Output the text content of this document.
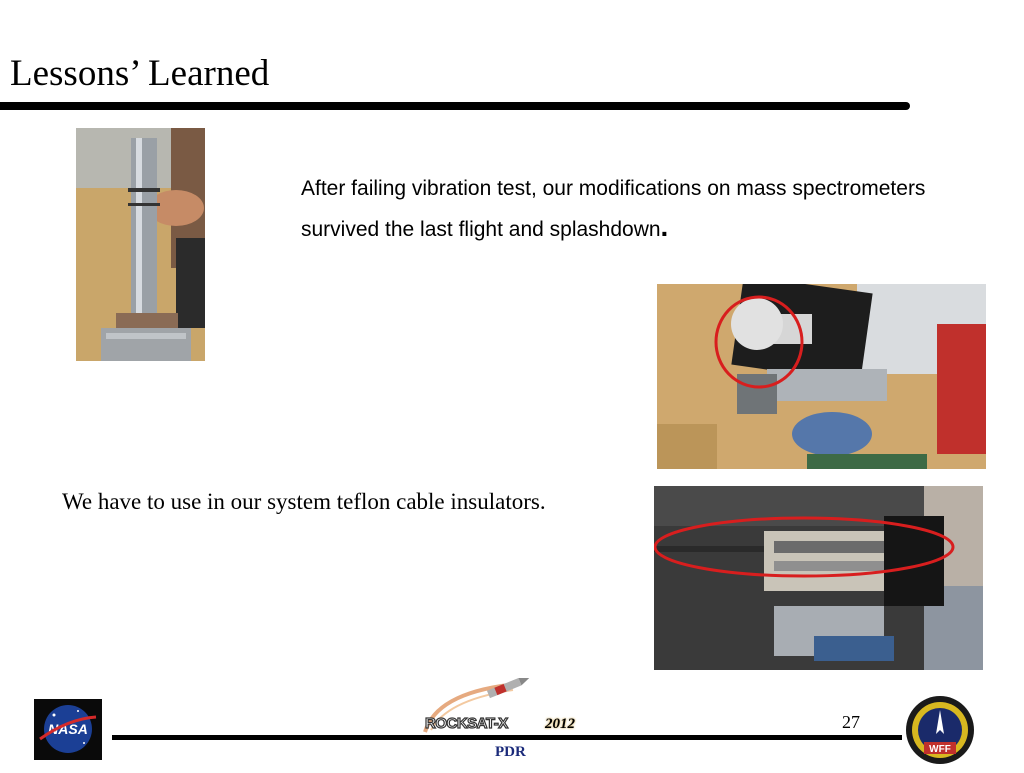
Lessons’ Learned
After failing vibration test, our modifications on mass spectrometers survived the last flight and splashdown.
We have to use in our system teflon cable insulators.
NASA	27
ROCKSAT-X 2012
PDR	WFF
